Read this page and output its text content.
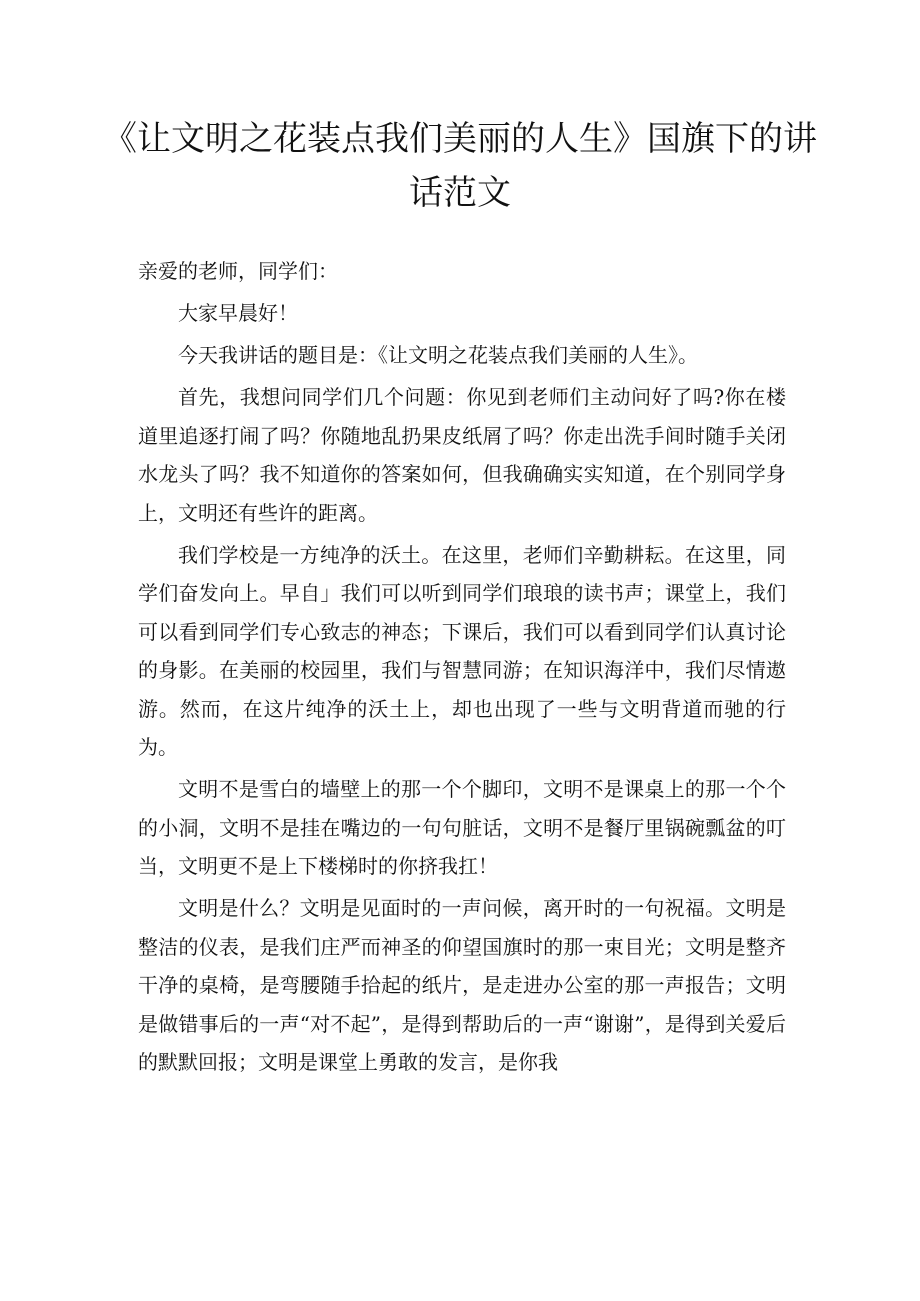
《让文明之花装点我们美丽的人生》国旗下的讲话范文

亲爱的老师，同学们：

大家早晨好！

今天我讲话的题目是：《让文明之花装点我们美丽的人生》。

首先，我想问同学们几个问题：你见到老师们主动问好了吗?你在楼道里追逐打闹了吗？你随地乱扔果皮纸屑了吗？你走出洗手间时随手关闭水龙头了吗？我不知道你的答案如何，但我确确实实知道，在个别同学身上，文明还有些许的距离。

我们学校是一方纯净的沃土。在这里，老师们辛勤耕耘。在这里，同学们奋发向上。早自」我们可以听到同学们琅琅的读书声；课堂上，我们可以看到同学们专心致志的神态；下课后，我们可以看到同学们认真讨论的身影。在美丽的校园里，我们与智慧同游；在知识海洋中，我们尽情遨游。然而，在这片纯净的沃土上，却也出现了一些与文明背道而驰的行为。

文明不是雪白的墙壁上的那一个个脚印，文明不是课桌上的那一个个的小洞，文明不是挂在嘴边的一句句脏话，文明不是餐厅里锅碗瓢盆的叮当，文明更不是上下楼梯时的你挤我扛！

文明是什么？文明是见面时的一声问候，离开时的一句祝福。文明是整洁的仪表，是我们庄严而神圣的仰望国旗时的那一束目光；文明是整齐干净的桌椅，是弯腰随手拾起的纸片，是走进办公室的那一声报告；文明是做错事后的一声“对不起”，是得到帮助后的一声“谢谢”，是得到关爱后的默默回报；文明是课堂上勇敢的发言，是你我
